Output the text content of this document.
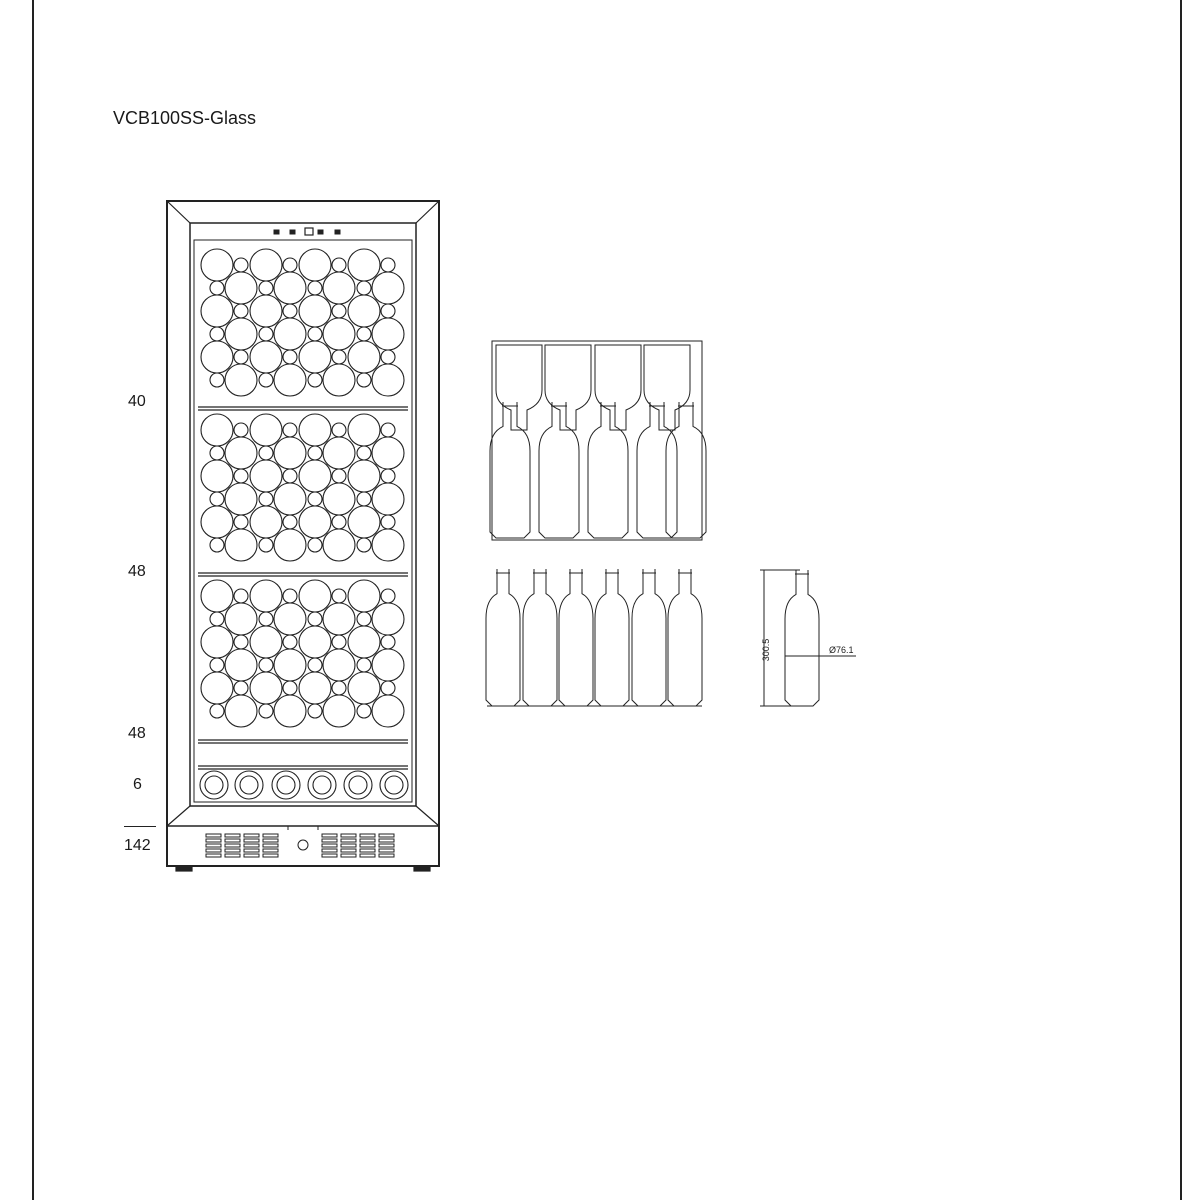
VCB100SS-Glass
40
48
48
6
142
300.5	Ø76.1
